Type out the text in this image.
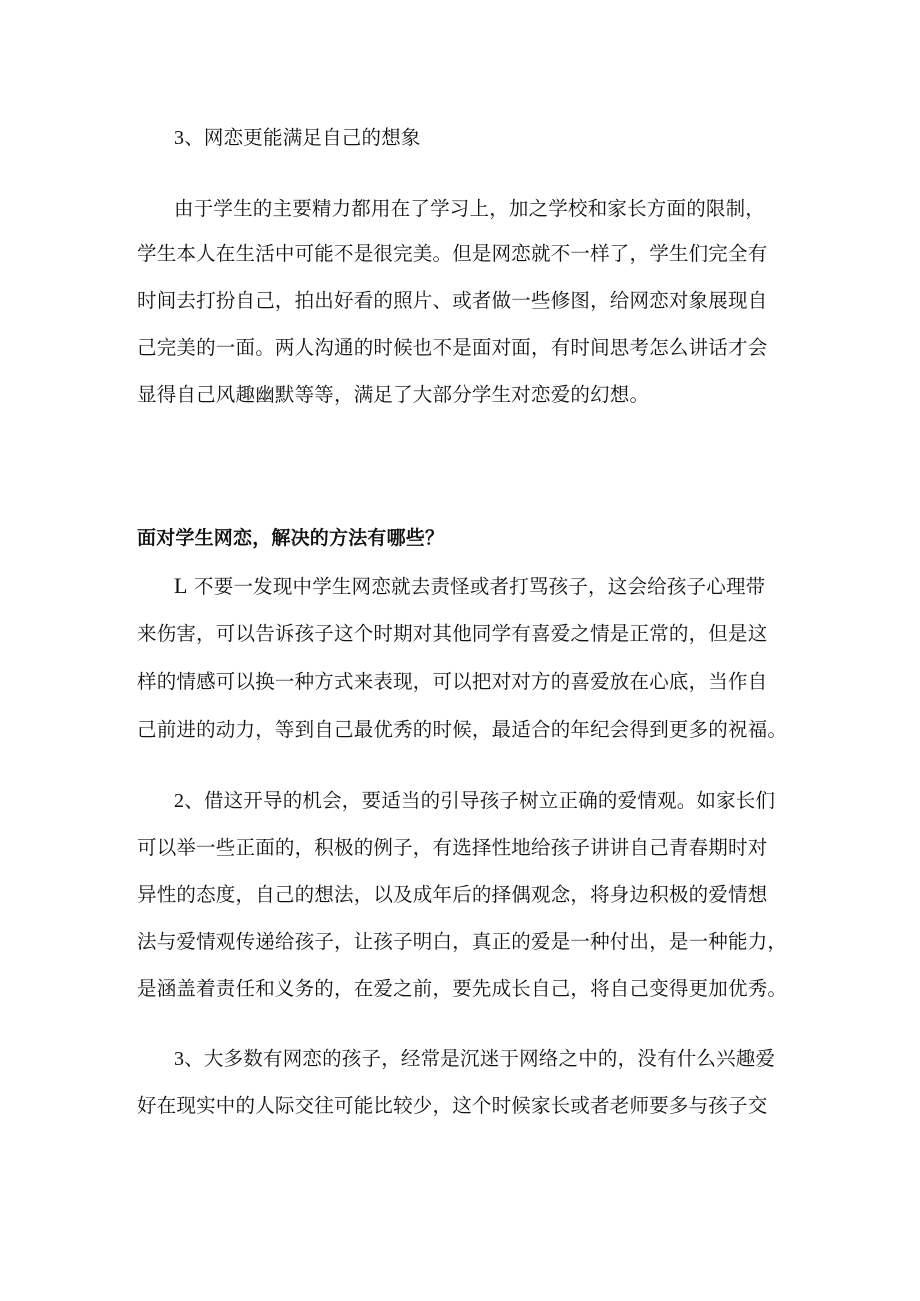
3、网恋更能满足自己的想象
由于学生的主要精力都用在了学习上，加之学校和家长方面的限制，
学生本人在生活中可能不是很完美。但是网恋就不一样了，学生们完全有
时间去打扮自己，拍出好看的照片、或者做一些修图，给网恋对象展现自
己完美的一面。两人沟通的时候也不是面对面，有时间思考怎么讲话才会
显得自己风趣幽默等等，满足了大部分学生对恋爱的幻想。
面对学生网恋，解决的方法有哪些？
L 不要一发现中学生网恋就去责怪或者打骂孩子，这会给孩子心理带
来伤害，可以告诉孩子这个时期对其他同学有喜爱之情是正常的，但是这
样的情感可以换一种方式来表现，可以把对对方的喜爱放在心底，当作自
己前进的动力，等到自己最优秀的时候，最适合的年纪会得到更多的祝福。
2、借这开导的机会，要适当的引导孩子树立正确的爱情观。如家长们
可以举一些正面的，积极的例子，有选择性地给孩子讲讲自己青春期时对
异性的态度，自己的想法，以及成年后的择偶观念，将身边积极的爱情想
法与爱情观传递给孩子，让孩子明白，真正的爱是一种付出，是一种能力，
是涵盖着责任和义务的，在爱之前，要先成长自己，将自己变得更加优秀。
3、大多数有网恋的孩子，经常是沉迷于网络之中的，没有什么兴趣爱
好在现实中的人际交往可能比较少，这个时候家长或者老师要多与孩子交
